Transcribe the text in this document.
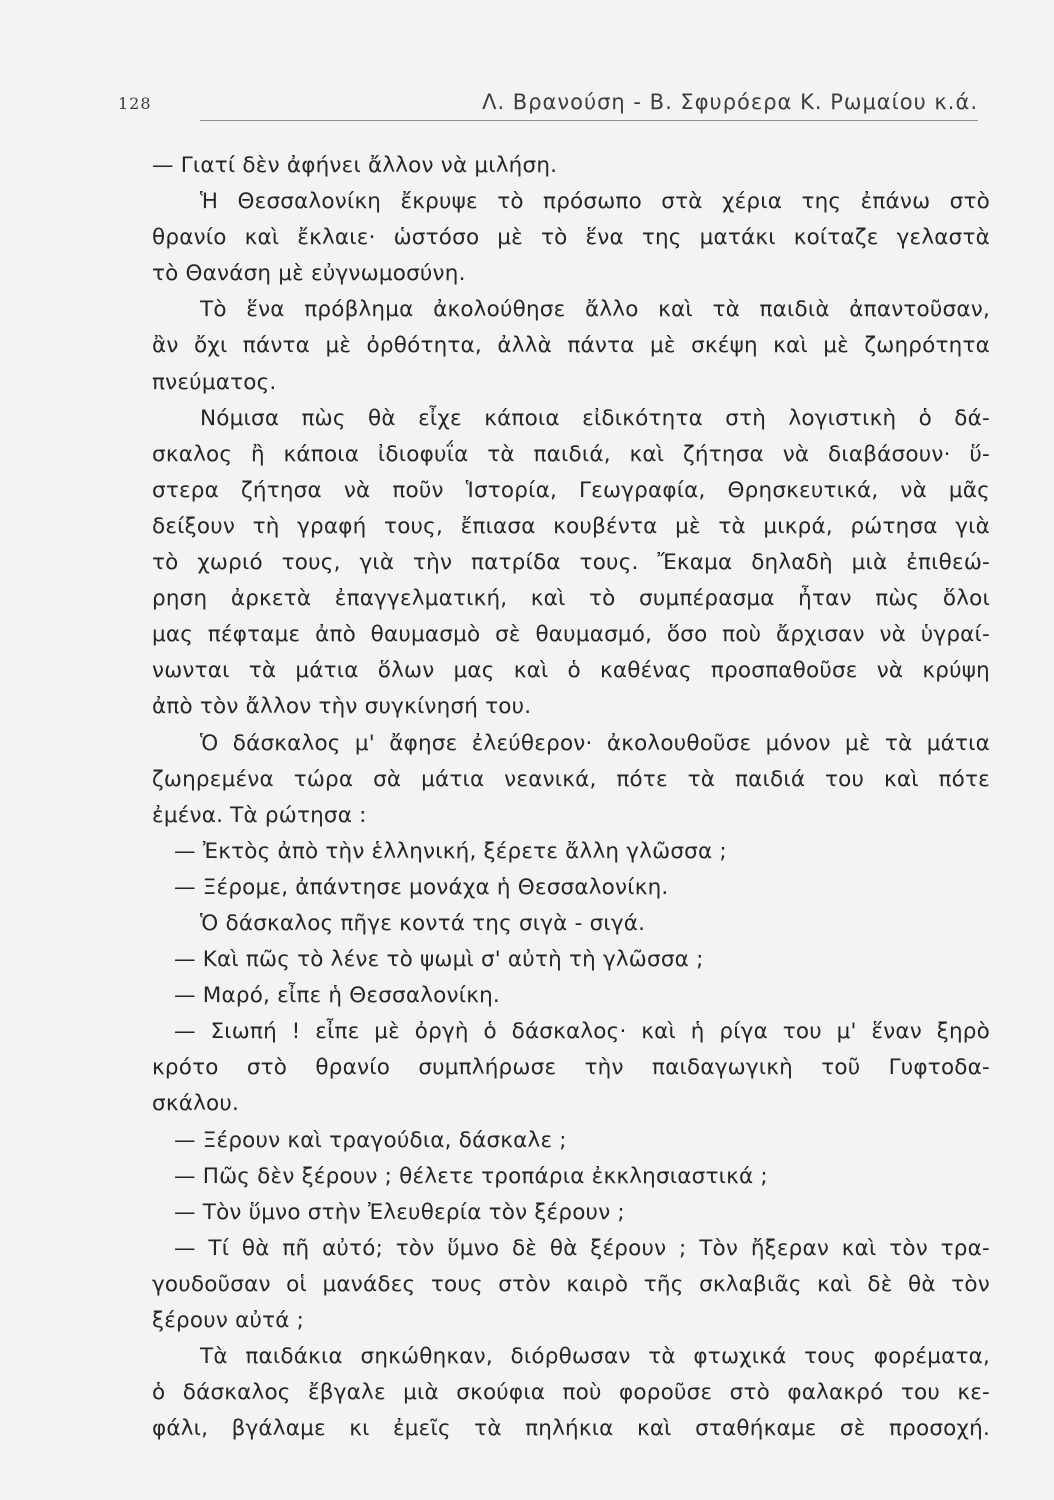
128	Λ. Βρανούση - Β. Σφυρόερα Κ. Ρωμαίου κ.ά.
— Γιατί δὲν ἀφήνει ἄλλον νὰ μιλήση.
Ἡ Θεσσαλονίκη ἔκρυψε τὸ πρόσωπο στὰ χέρια της ἐπάνω στὸ
θρανίο καὶ ἔκλαιε· ὡστόσο μὲ τὸ ἕνα της ματάκι κοίταζε γελαστὰ
τὸ Θανάση μὲ εὐγνωμοσύνη.
Τὸ ἕνα πρόβλημα ἀκολούθησε ἄλλο καὶ τὰ παιδιὰ ἀπαντοῦσαν,
ἂν ὄχι πάντα μὲ ὀρθότητα, ἀλλὰ πάντα μὲ σκέψη καὶ μὲ ζωηρότητα
πνεύματος.
Νόμισα πὼς θὰ εἶχε κάποια εἰδικότητα στὴ λογιστικὴ ὁ δά-
σκαλος ἢ κάποια ἰδιοφυΐα τὰ παιδιά, καὶ ζήτησα νὰ διαβάσουν· ὕ-
στερα ζήτησα νὰ ποῦν Ἱστορία, Γεωγραφία, Θρησκευτικά, νὰ μᾶς
δείξουν τὴ γραφή τους, ἔπιασα κουβέντα μὲ τὰ μικρά, ρώτησα γιὰ
τὸ χωριό τους, γιὰ τὴν πατρίδα τους. Ἔκαμα δηλαδὴ μιὰ ἐπιθεώ-
ρηση ἀρκετὰ ἐπαγγελματική, καὶ τὸ συμπέρασμα ἦταν πὼς ὅλοι
μας πέφταμε ἀπὸ θαυμασμὸ σὲ θαυμασμό, ὅσο ποὺ ἄρχισαν νὰ ὑγραί-
νωνται τὰ μάτια ὅλων μας καὶ ὁ καθένας προσπαθοῦσε νὰ κρύψη
ἀπὸ τὸν ἄλλον τὴν συγκίνησή του.
Ὁ δάσκαλος μ' ἄφησε ἐλεύθερον· ἀκολουθοῦσε μόνον μὲ τὰ μάτια
ζωηρεμένα τώρα σὰ μάτια νεανικά, πότε τὰ παιδιά του καὶ πότε
ἐμένα. Τὰ ρώτησα :
— Ἐκτὸς ἀπὸ τὴν ἑλληνική, ξέρετε ἄλλη γλῶσσα ;
— Ξέρομε, ἀπάντησε μονάχα ἡ Θεσσαλονίκη.
Ὁ δάσκαλος πῆγε κοντά της σιγὰ - σιγά.
— Καὶ πῶς τὸ λένε τὸ ψωμὶ σ' αὐτὴ τὴ γλῶσσα ;
— Μαρό, εἶπε ἡ Θεσσαλονίκη.
— Σιωπή ! εἶπε μὲ ὀργὴ ὁ δάσκαλος· καὶ ἡ ρίγα του μ' ἕναν ξηρὸ
κρότο στὸ θρανίο συμπλήρωσε τὴν παιδαγωγικὴ τοῦ Γυφτοδα-
σκάλου.
— Ξέρουν καὶ τραγούδια, δάσκαλε ;
— Πῶς δὲν ξέρουν ; θέλετε τροπάρια ἐκκλησιαστικά ;
— Τὸν ὕμνο στὴν Ἐλευθερία τὸν ξέρουν ;
— Τί θὰ πῆ αὐτό; τὸν ὕμνο δὲ θὰ ξέρουν ; Τὸν ἤξεραν καὶ τὸν τρα-
γουδοῦσαν οἱ μανάδες τους στὸν καιρὸ τῆς σκλαβιᾶς καὶ δὲ θὰ τὸν
ξέρουν αὐτά ;
Τὰ παιδάκια σηκώθηκαν, διόρθωσαν τὰ φτωχικά τους φορέματα,
ὁ δάσκαλος ἔβγαλε μιὰ σκούφια ποὺ φοροῦσε στὸ φαλακρό του κε-
φάλι, βγάλαμε κι ἐμεῖς τὰ πηλήκια καὶ σταθήκαμε σὲ προσοχή.
